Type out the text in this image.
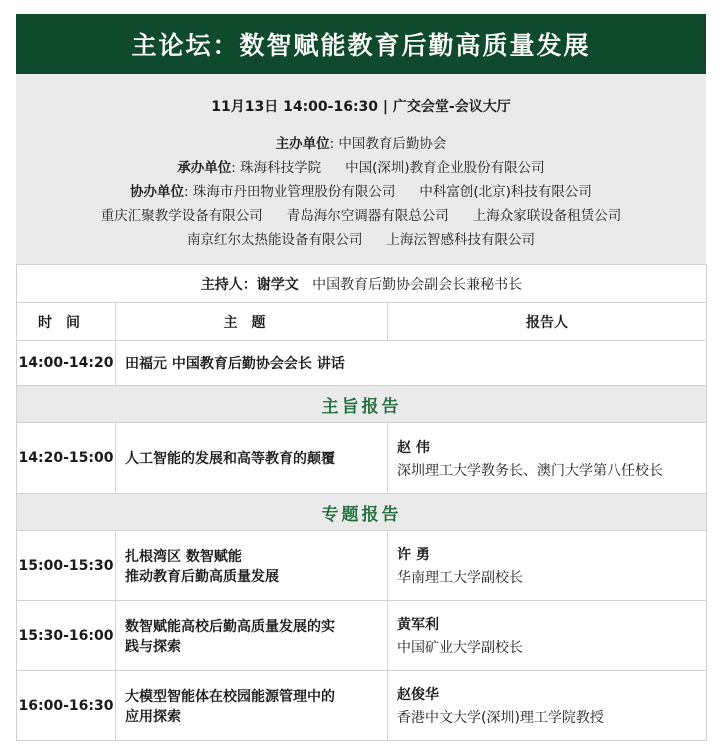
主论坛：数智赋能教育后勤高质量发展
11月13日 14:00-16:30 | 广交会堂-会议大厅
主办单位: 中国教育后勤协会
承办单位: 珠海科技学院 中国(深圳)教育企业股份有限公司
协办单位: 珠海市丹田物业管理股份有限公司 中科富创(北京)科技有限公司
重庆汇聚教学设备有限公司 青岛海尔空调器有限总公司 上海众家联设备租赁公司
南京红尔太热能设备有限公司 上海沄智感科技有限公司
主持人：谢学文 中国教育后勤协会副会长兼秘书长		
时间	主题	报告人
14:00-14:20	田福元 中国教育后勤协会会长 讲话	
主旨报告		
14:20-15:00	人工智能的发展和高等教育的颠覆	赵 伟
深圳理工大学教务长、澳门大学第八任校长

专题报告		
15:00-15:30	扎根湾区 数智赋能
推动教育后勤高质量发展	许 勇
华南理工大学副校长

15:30-16:00	数智赋能高校后勤高质量发展的实
践与探索	黄军利
中国矿业大学副校长

16:00-16:30	大模型智能体在校园能源管理中的
应用探索	赵俊华
香港中文大学(深圳)理工学院教授
